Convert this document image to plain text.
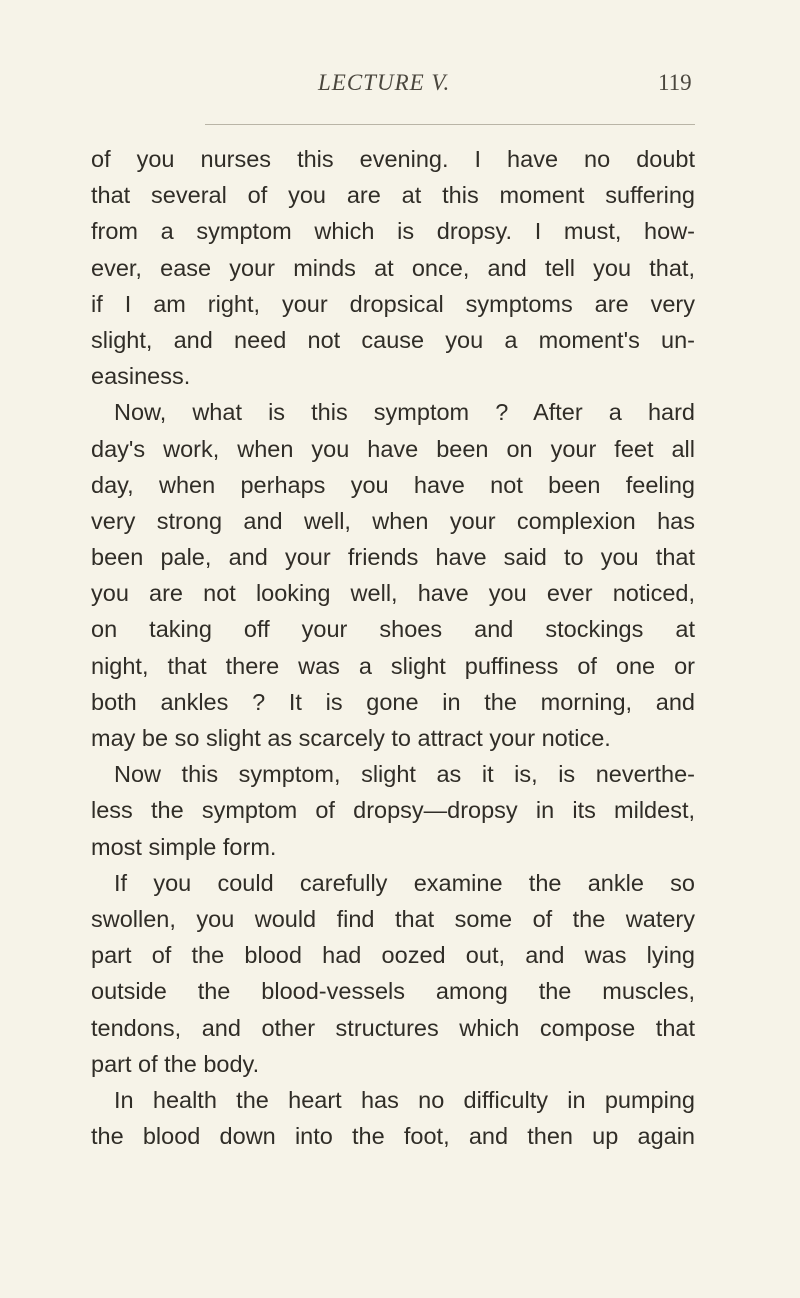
LECTURE V.	119
of you nurses this evening. I have no doubt
that several of you are at this moment suffering
from a symptom which is dropsy. I must, how-
ever, ease your minds at once, and tell you that,
if I am right, your dropsical symptoms are very
slight, and need not cause you a moment's un-
easiness.
Now, what is this symptom ? After a hard
day's work, when you have been on your feet all
day, when perhaps you have not been feeling
very strong and well, when your complexion has
been pale, and your friends have said to you that
you are not looking well, have you ever noticed,
on taking off your shoes and stockings at
night, that there was a slight puffiness of one or
both ankles ? It is gone in the morning, and
may be so slight as scarcely to attract your notice.
Now this symptom, slight as it is, is neverthe-
less the symptom of dropsy—dropsy in its mildest,
most simple form.
If you could carefully examine the ankle so
swollen, you would find that some of the watery
part of the blood had oozed out, and was lying
outside the blood-vessels among the muscles,
tendons, and other structures which compose that
part of the body.
In health the heart has no difficulty in pumping
the blood down into the foot, and then up again
